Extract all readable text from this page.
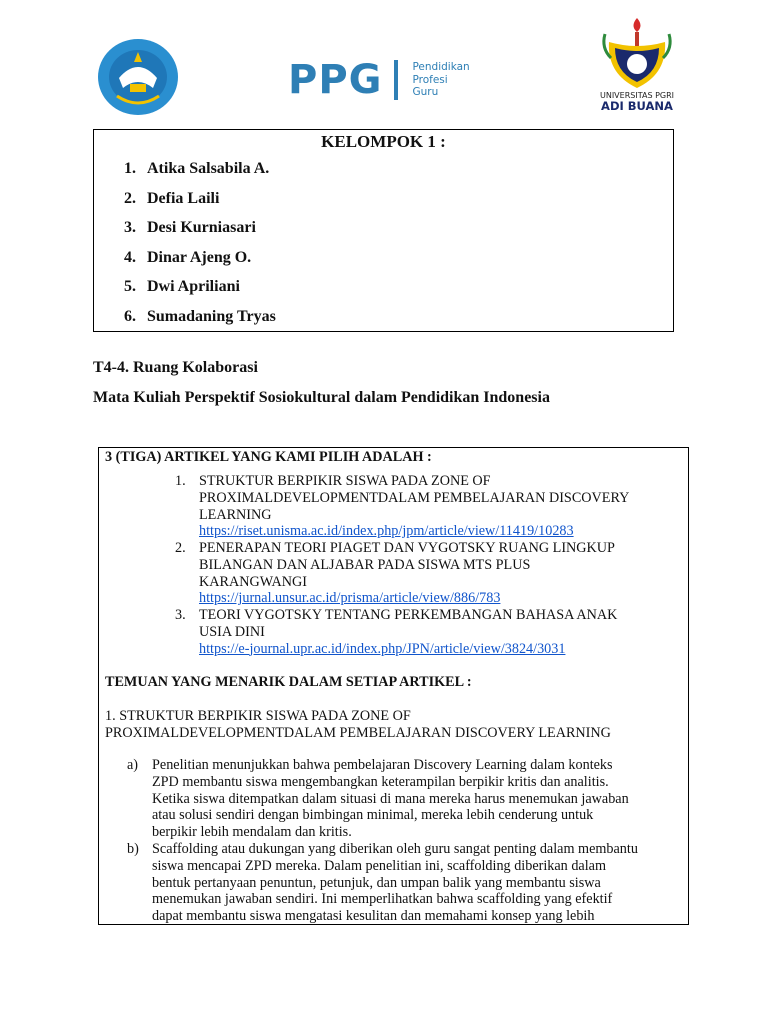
PPG	Pendidikan
Profesi
Guru	UNIVERSITAS PGRI
ADI BUANA
KELOMPOK 1 :
1. Atika Salsabila A.
2. Defia Laili
3. Desi Kurniasari
4. Dinar Ajeng O.
5. Dwi Apriliani
6. Sumadaning Tryas
T4-4. Ruang Kolaborasi
Mata Kuliah Perspektif Sosiokultural dalam Pendidikan Indonesia
3 (TIGA) ARTIKEL YANG KAMI PILIH ADALAH :
1. STRUKTUR BERPIKIR SISWA PADA ZONE OF
PROXIMALDEVELOPMENTDALAM PEMBELAJARAN DISCOVERY
LEARNING
https://riset.unisma.ac.id/index.php/jpm/article/view/11419/10283
2. PENERAPAN TEORI PIAGET DAN VYGOTSKY RUANG LINGKUP
BILANGAN DAN ALJABAR PADA SISWA MTS PLUS
KARANGWANGI
https://jurnal.unsur.ac.id/prisma/article/view/886/783
3. TEORI VYGOTSKY TENTANG PERKEMBANGAN BAHASA ANAK
USIA DINI
https://e-journal.upr.ac.id/index.php/JPN/article/view/3824/3031
TEMUAN YANG MENARIK DALAM SETIAP ARTIKEL :
1. STRUKTUR BERPIKIR SISWA PADA ZONE OF
PROXIMALDEVELOPMENTDALAM PEMBELAJARAN DISCOVERY LEARNING
a) Penelitian menunjukkan bahwa pembelajaran Discovery Learning dalam konteks
ZPD membantu siswa mengembangkan keterampilan berpikir kritis dan analitis.
Ketika siswa ditempatkan dalam situasi di mana mereka harus menemukan jawaban
atau solusi sendiri dengan bimbingan minimal, mereka lebih cenderung untuk
berpikir lebih mendalam dan kritis.
b) Scaffolding atau dukungan yang diberikan oleh guru sangat penting dalam membantu
siswa mencapai ZPD mereka. Dalam penelitian ini, scaffolding diberikan dalam
bentuk pertanyaan penuntun, petunjuk, dan umpan balik yang membantu siswa
menemukan jawaban sendiri. Ini memperlihatkan bahwa scaffolding yang efektif
dapat membantu siswa mengatasi kesulitan dan memahami konsep yang lebih
